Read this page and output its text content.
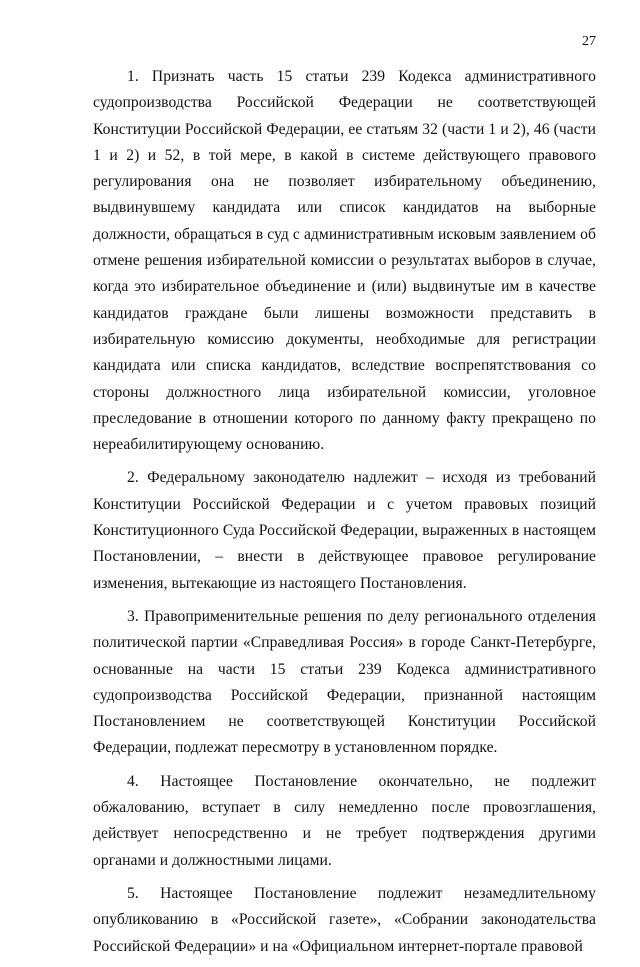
27

1. Признать часть 15 статьи 239 Кодекса административного судопроизводства Российской Федерации не соответствующей Конституции Российской Федерации, ее статьям 32 (части 1 и 2), 46 (части 1 и 2) и 52, в той мере, в какой в системе действующего правового регулирования она не позволяет избирательному объединению, выдвинувшему кандидата или список кандидатов на выборные должности, обращаться в суд с административным исковым заявлением об отмене решения избирательной комиссии о результатах выборов в случае, когда это избирательное объединение и (или) выдвинутые им в качестве кандидатов граждане были лишены возможности представить в избирательную комиссию документы, необходимые для регистрации кандидата или списка кандидатов, вследствие воспрепятствования со стороны должностного лица избирательной комиссии, уголовное преследование в отношении которого по данному факту прекращено по нереабилитирующему основанию.

2. Федеральному законодателю надлежит – исходя из требований Конституции Российской Федерации и с учетом правовых позиций Конституционного Суда Российской Федерации, выраженных в настоящем Постановлении, – внести в действующее правовое регулирование изменения, вытекающие из настоящего Постановления.

3. Правоприменительные решения по делу регионального отделения политической партии «Справедливая Россия» в городе Санкт-Петербурге, основанные на части 15 статьи 239 Кодекса административного судопроизводства Российской Федерации, признанной настоящим Постановлением не соответствующей Конституции Российской Федерации, подлежат пересмотру в установленном порядке.

4. Настоящее Постановление окончательно, не подлежит обжалованию, вступает в силу немедленно после провозглашения, действует непосредственно и не требует подтверждения другими органами и должностными лицами.

5. Настоящее Постановление подлежит незамедлительному опубликованию в «Российской газете», «Собрании законодательства Российской Федерации» и на «Официальном интернет-портале правовой
